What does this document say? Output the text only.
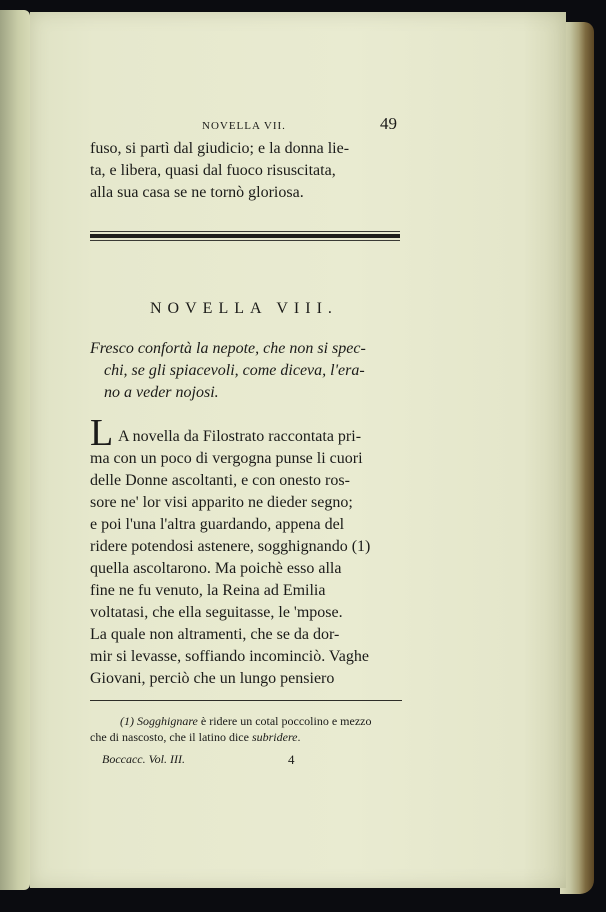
NOVELLA VII.	49
fuso, si partì dal giudicio; e la donna lie-
ta, e libera, quasi dal fuoco risuscitata,
alla sua casa se ne tornò gloriosa.
NOVELLA VIII.
Fresco confortà la nepote, che non si spec-
chi, se gli spiacevoli, come diceva, l'era-
no a veder nojosi.
L A novella da Filostrato raccontata pri-
ma con un poco di vergogna punse li cuori
delle Donne ascoltanti, e con onesto ros-
sore ne' lor visi apparito ne dieder segno;
e poi l'una l'altra guardando, appena del
ridere potendosi astenere, sogghignando (1)
quella ascoltarono. Ma poichè esso alla
fine ne fu venuto, la Reina ad Emilia
voltatasi, che ella seguitasse, le 'mpose.
La quale non altramenti, che se da dor-
mir si levasse, soffiando incominciò. Vaghe
Giovani, perciò che un lungo pensiero
(1) Sogghignare è ridere un cotal poccolino e mezzo
che di nascosto, che il latino dice subridere.
Boccacc. Vol. III.	4
